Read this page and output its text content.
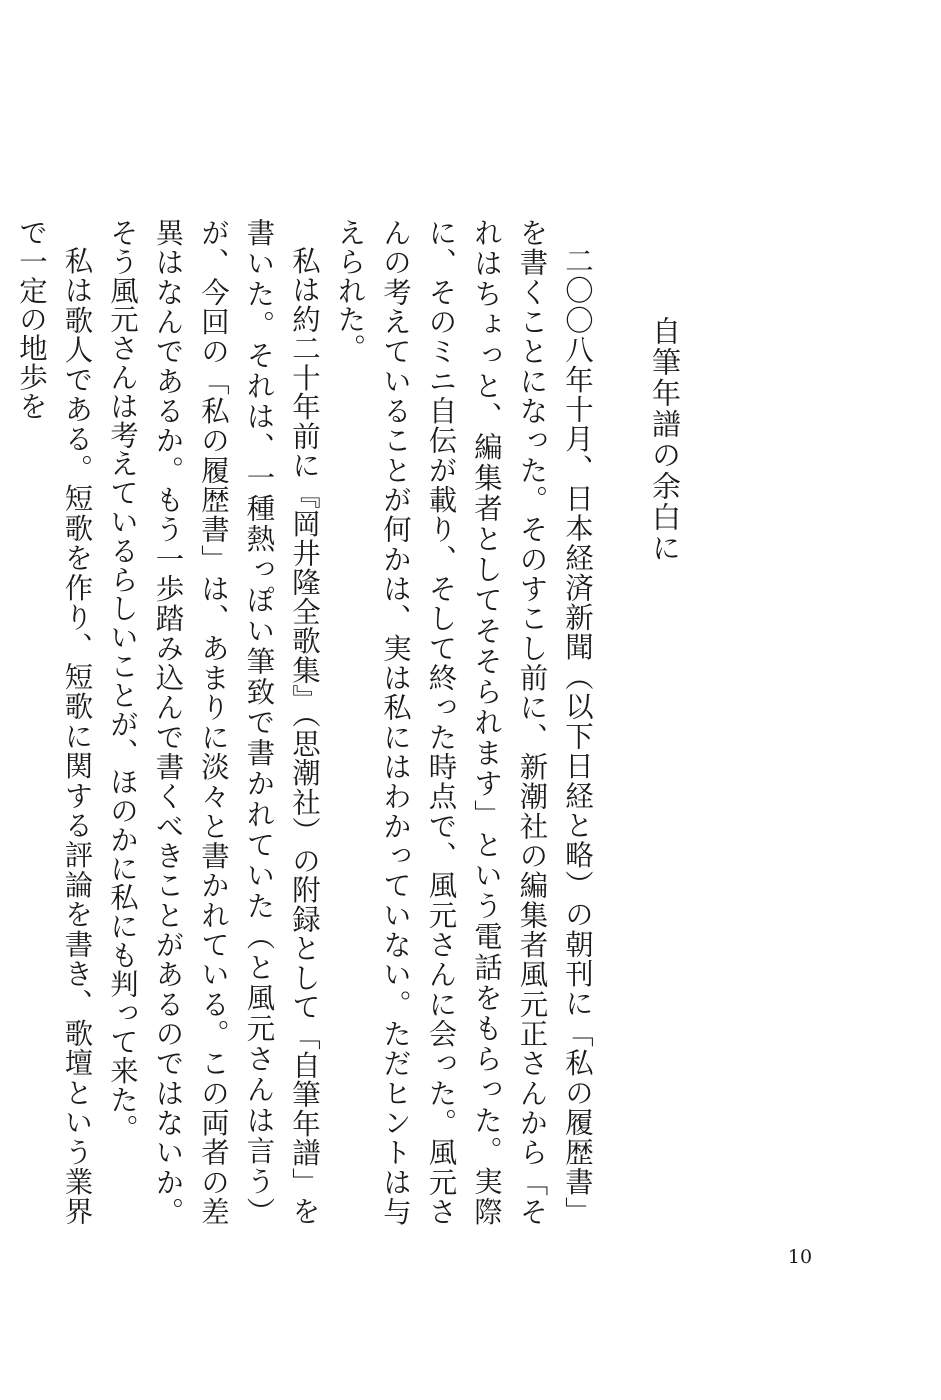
自筆年譜の余白に

二〇〇八年十月、日本経済新聞（以下日経と略）の朝刊に「私の履歴書」を書くことになった。そのすこし前に、新潮社の編集者風元正さんから「それはちょっと、編集者としてそそられます」という電話をもらった。実際に、そのミニ自伝が載り、そして終った時点で、風元さんに会った。風元さんの考えていることが何かは、実は私にはわかっていない。ただヒントは与えられた。

私は約二十年前に『岡井隆全歌集』（思潮社）の附録として「自筆年譜」を書いた。それは、一種熱っぽい筆致で書かれていた（と風元さんは言う）が、今回の「私の履歴書」は、あまりに淡々と書かれている。この両者の差異はなんであるか。もう一歩踏み込んで書くべきことがあるのではないか。そう風元さんは考えているらしいことが、ほのかに私にも判って来た。

私は歌人である。短歌を作り、短歌に関する評論を書き、歌壇という業界で一定の地歩を

10
